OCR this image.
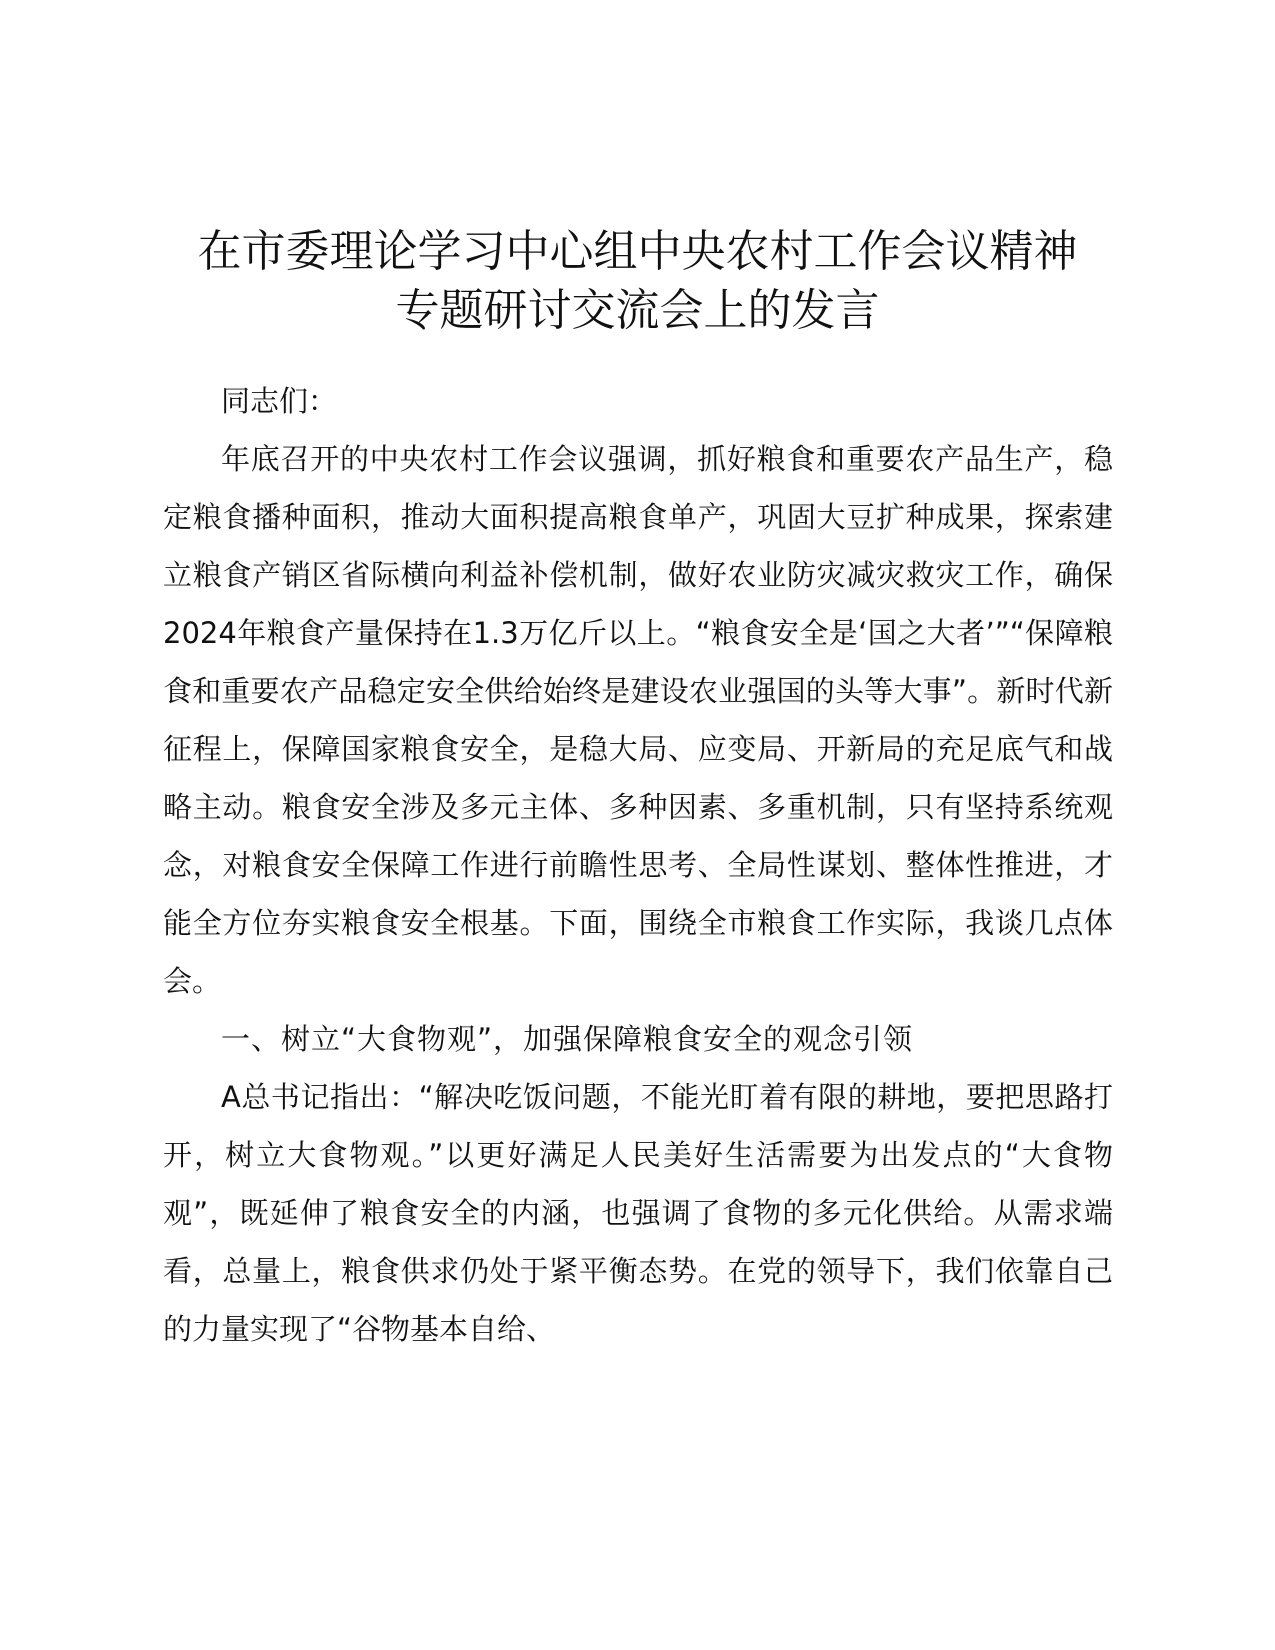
在市委理论学习中心组中央农村工作会议精神
专题研讨交流会上的发言

同志们：

年底召开的中央农村工作会议强调，抓好粮食和重要农产品生产，稳定粮食播种面积，推动大面积提高粮食单产，巩固大豆扩种成果，探索建立粮食产销区省际横向利益补偿机制，做好农业防灾减灾救灾工作，确保2024年粮食产量保持在1.3万亿斤以上。“粮食安全是‘国之大者’”“保障粮食和重要农产品稳定安全供给始终是建设农业强国的头等大事”。新时代新征程上，保障国家粮食安全，是稳大局、应变局、开新局的充足底气和战略主动。粮食安全涉及多元主体、多种因素、多重机制，只有坚持系统观念，对粮食安全保障工作进行前瞻性思考、全局性谋划、整体性推进，才能全方位夯实粮食安全根基。下面，围绕全市粮食工作实际，我谈几点体会。

一、树立“大食物观”，加强保障粮食安全的观念引领

A总书记指出：“解决吃饭问题，不能光盯着有限的耕地，要把思路打开，树立大食物观。”以更好满足人民美好生活需要为出发点的“大食物观”，既延伸了粮食安全的内涵，也强调了食物的多元化供给。从需求端看，总量上，粮食供求仍处于紧平衡态势。在党的领导下，我们依靠自己的力量实现了“谷物基本自给、
